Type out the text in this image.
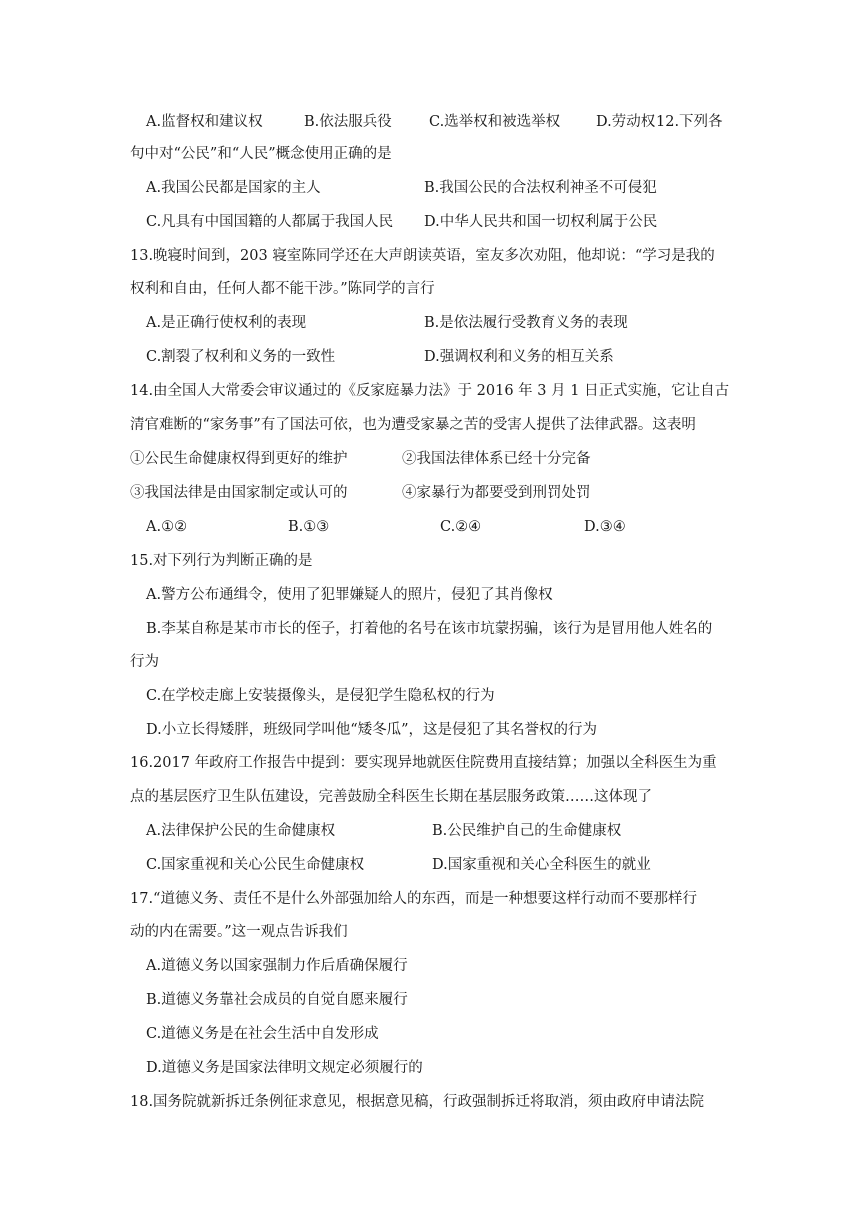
A.监督权和建议权	B.依法服兵役	C.选举权和被选举权 D.劳动权 12.下列各
句中对“公民”和“人民”概念使用正确的是
A.我国公民都是国家的主人	B.我国公民的合法权利神圣不可侵犯
C.凡具有中国国籍的人都属于我国人民 D.中华人民共和国一切权利属于公民
13.晚寝时间到，203 寝室陈同学还在大声朗读英语，室友多次劝阻，他却说：“学习是我的
权利和自由，任何人都不能干涉。”陈同学的言行
A.是正确行使权利的表现	B.是依法履行受教育义务的表现
C.割裂了权利和义务的一致性	D.强调权利和义务的相互关系
14.由全国人大常委会审议通过的《反家庭暴力法》于 2016 年 3 月 1 日正式实施，它让自古
清官难断的“家务事”有了国法可依，也为遭受家暴之苦的受害人提供了法律武器。这表明
①公民生命健康权得到更好的维护	②我国法律体系已经十分完备
③我国法律是由国家制定或认可的	④家暴行为都要受到刑罚处罚
A.①②	B.①③	C.②④	D.③④
15.对下列行为判断正确的是
A.警方公布通缉令，使用了犯罪嫌疑人的照片，侵犯了其肖像权
B.李某自称是某市市长的侄子，打着他的名号在该市坑蒙拐骗，该行为是冒用他人姓名的
行为
C.在学校走廊上安装摄像头，是侵犯学生隐私权的行为
D.小立长得矮胖，班级同学叫他“矮冬瓜”，这是侵犯了其名誉权的行为
16.2017 年政府工作报告中提到：要实现异地就医住院费用直接结算；加强以全科医生为重
点的基层医疗卫生队伍建设，完善鼓励全科医生长期在基层服务政策……这体现了
A.法律保护公民的生命健康权	B.公民维护自己的生命健康权
C.国家重视和关心公民生命健康权	D.国家重视和关心全科医生的就业
17.“道德义务、责任不是什么外部强加给人的东西，而是一种想要这样行动而不要那样行
动的内在需要。”这一观点告诉我们
A.道德义务以国家强制力作后盾确保履行
B.道德义务靠社会成员的自觉自愿来履行
C.道德义务是在社会生活中自发形成
D.道德义务是国家法律明文规定必须履行的
18.国务院就新拆迁条例征求意见，根据意见稿，行政强制拆迁将取消，须由政府申请法院
